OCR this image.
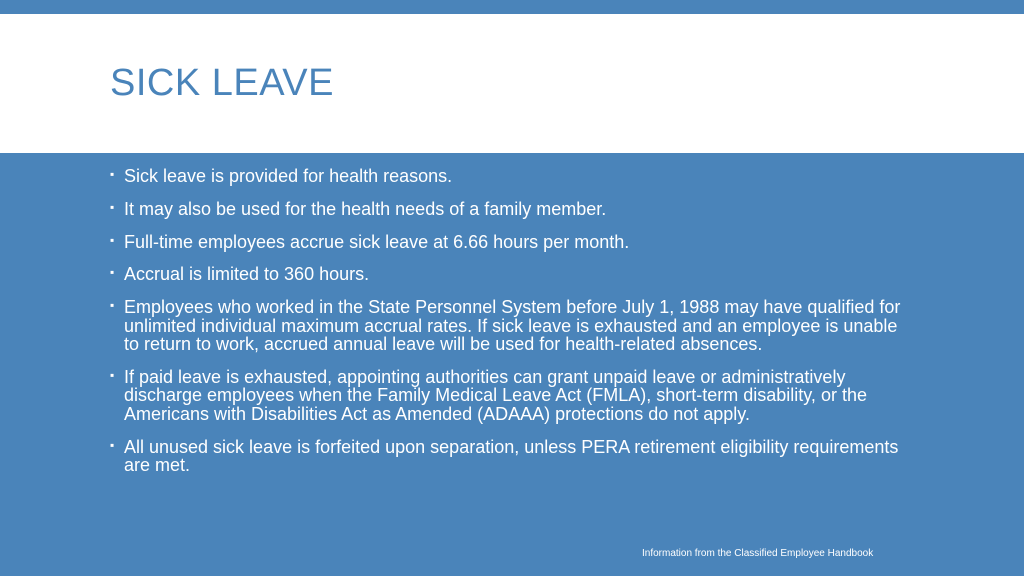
SICK LEAVE
▪ Sick leave is provided for health reasons.
▪ It may also be used for the health needs of a family member.
▪ Full-time employees accrue sick leave at 6.66 hours per month.
▪ Accrual is limited to 360 hours.
▪ Employees who worked in the State Personnel System before July 1, 1988 may have qualified for unlimited individual maximum accrual rates. If sick leave is exhausted and an employee is unable to return to work, accrued annual leave will be used for health-related absences.
▪ If paid leave is exhausted, appointing authorities can grant unpaid leave or administratively discharge employees when the Family Medical Leave Act (FMLA), short-term disability, or the Americans with Disabilities Act as Amended (ADAAA) protections do not apply.
▪ All unused sick leave is forfeited upon separation, unless PERA retirement eligibility requirements are met.
Information from the Classified Employee Handbook
